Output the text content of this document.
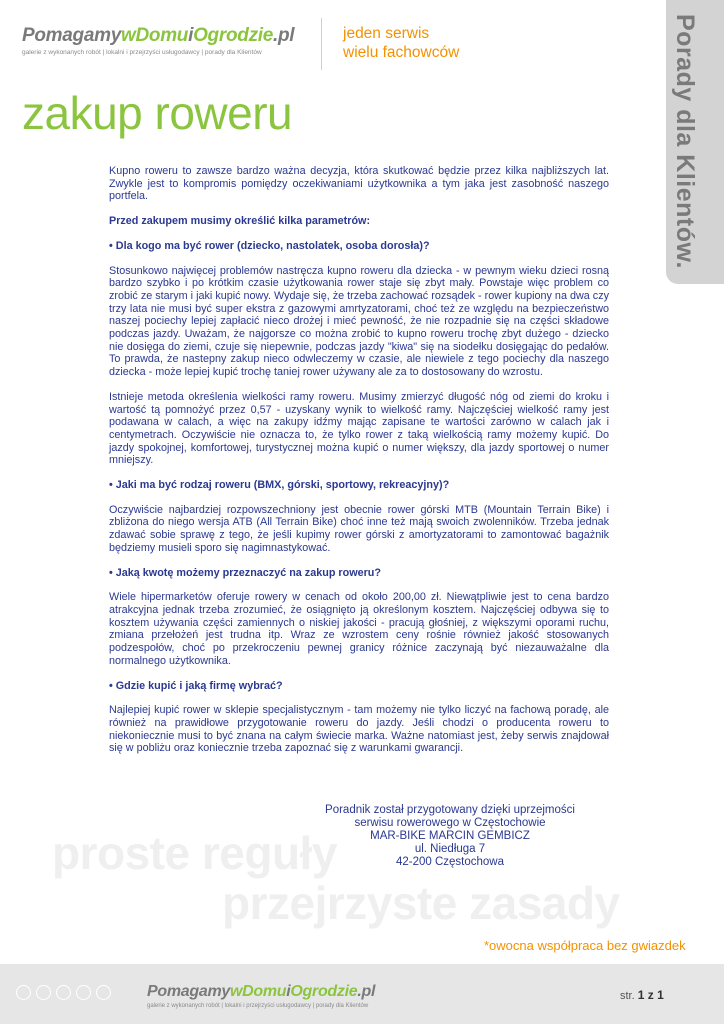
PomagamywDomuiOgrodzie.pl
galerie z wykonanych robót | lokalni i przejrzyści usługodawcy | porady dla Klientów
jeden serwis
wielu fachowców	Porady dla Klientów.
zakup roweru

Kupno roweru to zawsze bardzo ważna decyzja, która skutkować będzie przez kilka najbliższych lat. Zwykle jest to kompromis pomiędzy oczekiwaniami użytkownika a tym jaka jest zasobność naszego portfela.

Przed zakupem musimy określić kilka parametrów:

• Dla kogo ma być rower (dziecko, nastolatek, osoba dorosła)?

Stosunkowo najwięcej problemów nastręcza kupno roweru dla dziecka - w pewnym wieku dzieci rosną bardzo szybko i po krótkim czasie użytkowania rower staje się zbyt mały. Powstaje więc problem co zrobić ze starym i jaki kupić nowy. Wydaje się, że trzeba zachować rozsądek - rower kupiony na dwa czy trzy lata nie musi być super ekstra z gazowymi amrtyzatorami, choć też ze względu na bezpieczeństwo naszej pociechy lepiej zapłacić nieco drożej i mieć pewność, że nie rozpadnie się na części składowe podczas jazdy. Uważam, że najgorsze co można zrobić to kupno roweru trochę zbyt dużego - dziecko nie dosięga do ziemi, czuje się niepewnie, podczas jazdy "kiwa" się na siodełku dosięgając do pedałów. To prawda, że nastepny zakup nieco odwleczemy w czasie, ale niewiele z tego pociechy dla naszego dziecka - może lepiej kupić trochę taniej rower używany ale za to dostosowany do wzrostu.

Istnieje metoda określenia wielkości ramy roweru. Musimy zmierzyć długość nóg od ziemi do kroku i wartość tą pomnożyć przez 0,57 - uzyskany wynik to wielkość ramy. Najczęściej wielkość ramy jest podawana w calach, a więc na zakupy idźmy mając zapisane te wartości zarówno w calach jak i centymetrach. Oczywiście nie oznacza to, że tylko rower z taką wielkością ramy możemy kupić. Do jazdy spokojnej, komfortowej, turystycznej można kupić o numer większy, dla jazdy sportowej o numer mniejszy.

• Jaki ma być rodzaj roweru (BMX, górski, sportowy, rekreacyjny)?

Oczywiście najbardziej rozpowszechniony jest obecnie rower górski MTB (Mountain Terrain Bike) i zbliżona do niego wersja ATB (All Terrain Bike) choć inne też mają swoich zwolenników. Trzeba jednak zdawać sobie sprawę z tego, że jeśli kupimy rower górski z amortyzatorami to zamontować bagażnik będziemy musieli sporo się nagimnastykować.

• Jaką kwotę możemy przeznaczyć na zakup roweru?

Wiele hipermarketów oferuje rowery w cenach od około 200,00 zł. Niewątpliwie jest to cena bardzo atrakcyjna jednak trzeba zrozumieć, że osiągnięto ją określonym kosztem. Najczęściej odbywa się to kosztem używania części zamiennych o niskiej jakości - pracują głośniej, z większymi oporami ruchu, zmiana przełożeń jest trudna itp. Wraz ze wzrostem ceny rośnie również jakość stosowanych podzespołów, choć po przekroczeniu pewnej granicy różnice zaczynają być niezauważalne dla normalnego użytkownika.

• Gdzie kupić i jaką firmę wybrać?

Najlepiej kupić rower w sklepie specjalistycznym - tam możemy nie tylko liczyć na fachową poradę, ale również na prawidłowe przygotowanie roweru do jazdy. Jeśli chodzi o producenta roweru to niekoniecznie musi to być znana na całym świecie marka. Ważne natomiast jest, żeby serwis znajdował się w pobliżu oraz koniecznie trzeba zapoznać się z warunkami gwarancji.

proste reguły
przejrzyste zasady
Poradnik został przygotowany dzięki uprzejmości
serwisu rowerowego w Częstochowie
MAR-BIKE MARCIN GEMBICZ
ul. Niedługa 7
42-200 Częstochowa
*owocna współpraca bez gwiazdek
PomagamywDomuiOgrodzie.pl
galerie z wykonanych robót | lokalni i przejrzyści usługodawcy | porady dla Klientów
str. 1 z 1
